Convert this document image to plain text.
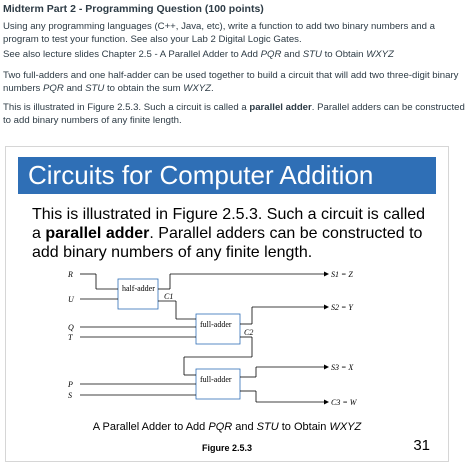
Midterm Part 2 - Programming Question (100 points)
Using any programming languages (C++, Java, etc), write a function to add two binary numbers and a program to test your function. See also your Lab 2 Digital Logic Gates.
See also lecture slides Chapter 2.5 - A Parallel Adder to Add PQR and STU to Obtain WXYZ
Two full-adders and one half-adder can be used together to build a circuit that will add two three-digit binary numbers PQR and STU to obtain the sum WXYZ.
This is illustrated in Figure 2.5.3. Such a circuit is called a parallel adder. Parallel adders can be constructed to add binary numbers of any finite length.
Circuits for Computer Addition
This is illustrated in Figure 2.5.3. Such a circuit is called a parallel adder. Parallel adders can be constructed to add binary numbers of any finite length.
R
U
Q
T
P
S
half-adder
full-adder
full-adder
C1
C2
S1 = Z
S2 = Y
S3 = X
C3 = W
A Parallel Adder to Add PQR and STU to Obtain WXYZ
Figure 2.5.3	31
